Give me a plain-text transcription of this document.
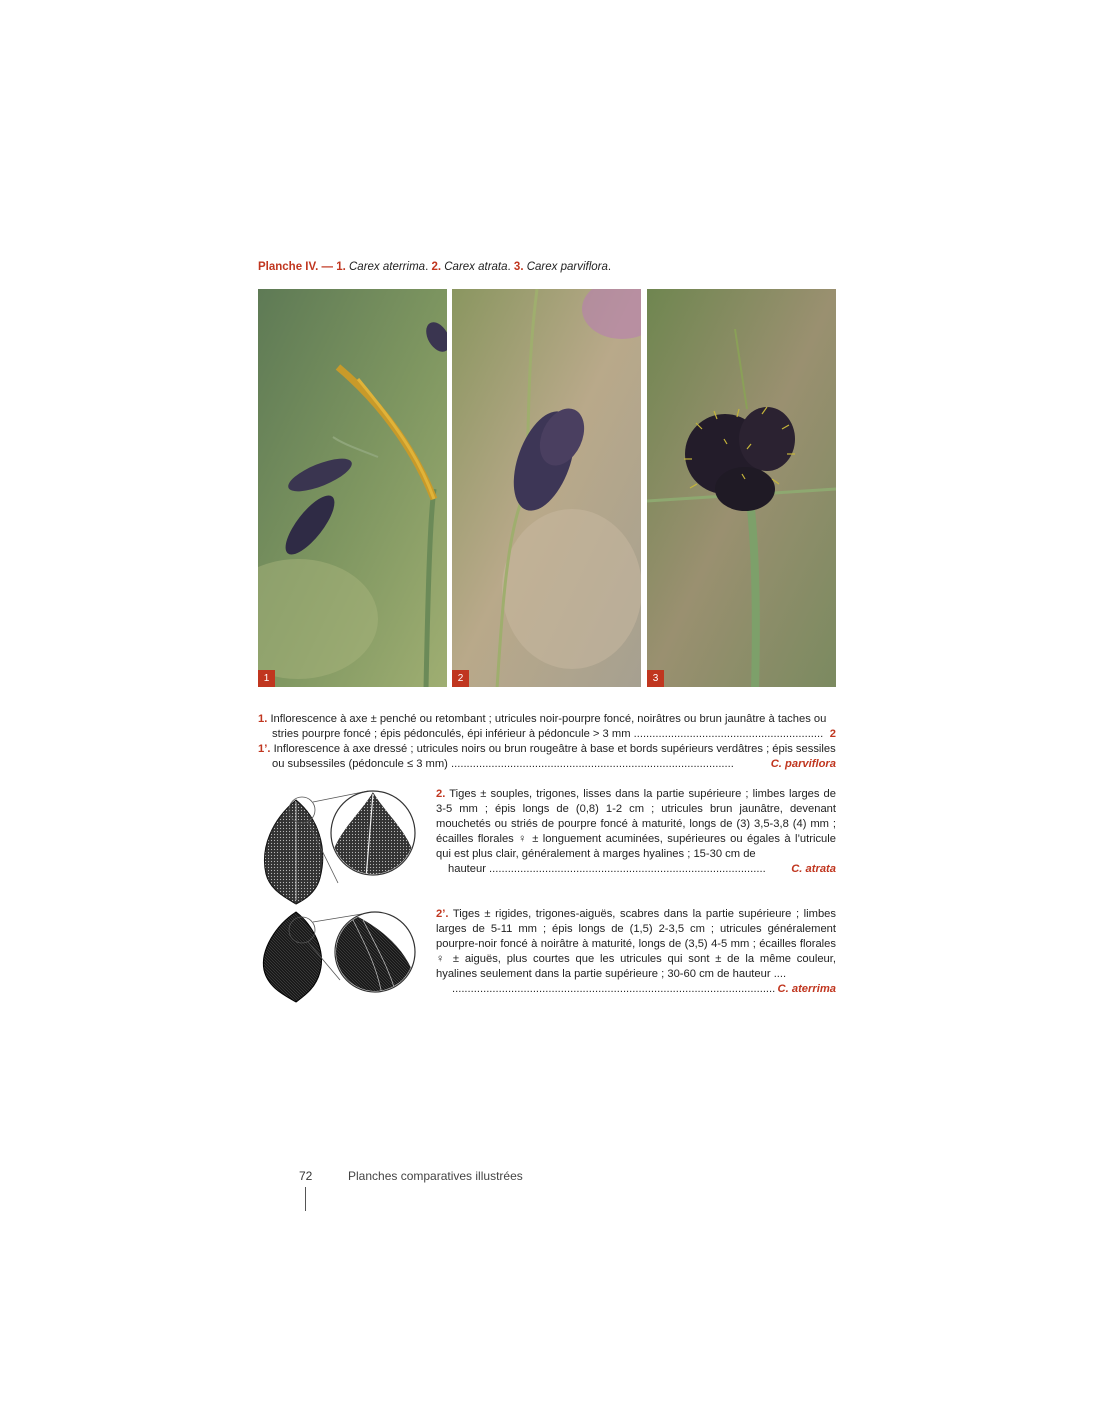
Planche IV. — 1. Carex aterrima. 2. Carex atrata. 3. Carex parviflora.
1	2	3
1. Inflorescence à axe ± penché ou retombant ; utricules noir-pourpre foncé, noirâtres ou brun jaunâtre à taches ou
stries pourpre foncé ; épis pédonculés, épi inférieur à pédoncule > 3 mm ............................................................. 2
1’. Inflorescence à axe dressé ; utricules noirs ou brun rougeâtre à base et bords supérieurs verdâtres ; épis sessiles
ou subsessiles (pédoncule ≤ 3 mm) ...........................................................................................	C. parviflora
2. Tiges ± souples, trigones, lisses dans la partie supérieure ; limbes larges de 3-5 mm ; épis longs de (0,8) 1-2 cm ; utricules brun jaunâtre, devenant mouchetés ou striés de pourpre foncé à maturité, longs de (3) 3,5-3,8 (4) mm ; écailles florales ♀ ± longuement acuminées, supérieures ou égales à l’utricule qui est plus clair, généralement à marges hyalines ; 15-30 cm de
hauteur ......................................................................................... C. atrata
2’. Tiges ± rigides, trigones-aiguës, scabres dans la partie supérieure ; limbes larges de 5-11 mm ; épis longs de (1,5) 2-3,5 cm ; utricules généralement pourpre-noir foncé à noirâtre à maturité, longs de (3,5) 4-5 mm ; écailles florales ♀ ± aiguës, plus courtes que les utricules qui sont ± de la même couleur, hyalines seulement dans la partie supérieure ; 30-60 cm de hauteur ....
........................................................................................................ C. aterrima
72	Planches comparatives illustrées
